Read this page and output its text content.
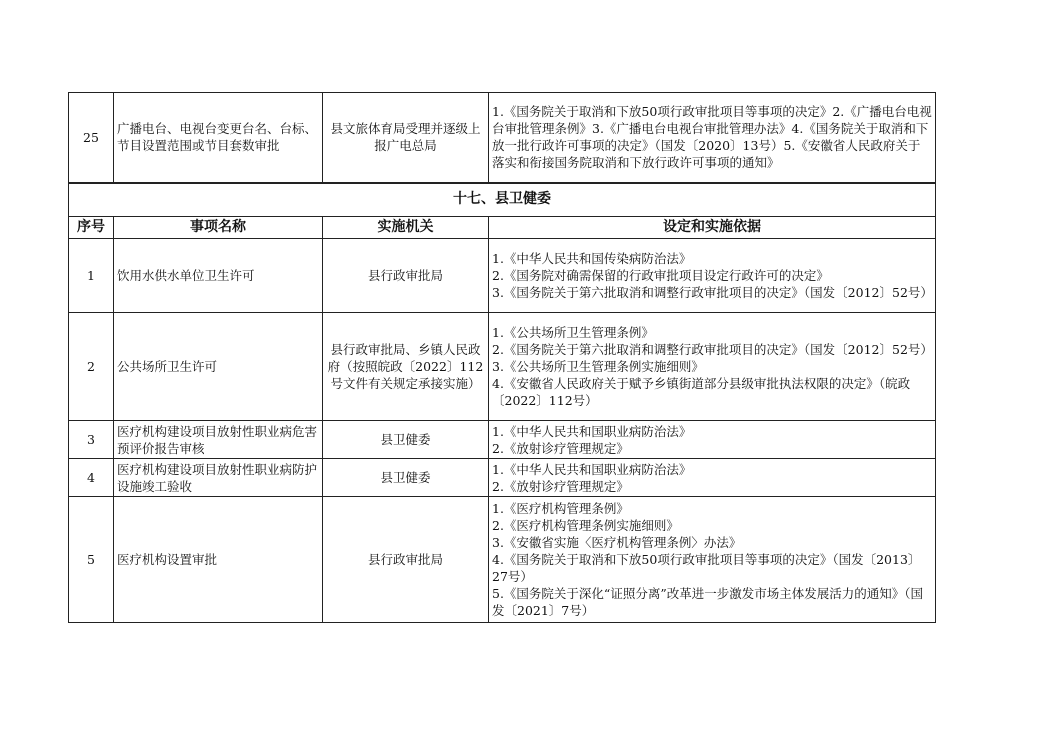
25	广播电台、电视台变更台名、台标、节目设置范围或节目套数审批	县文旅体育局受理并逐级上报广电总局	1.《国务院关于取消和下放50项行政审批项目等事项的决定》2.《广播电台电视台审批管理条例》3.《广播电台电视台审批管理办法》4.《国务院关于取消和下放一批行政许可事项的决定》（国发〔2020〕13号）5.《安徽省人民政府关于落实和衔接国务院取消和下放行政许可事项的通知》
十七、县卫健委			
序号	事项名称	实施机关	设定和实施依据
1	饮用水供水单位卫生许可	县行政审批局	1.《中华人民共和国传染病防治法》
2.《国务院对确需保留的行政审批项目设定行政许可的决定》
3.《国务院关于第六批取消和调整行政审批项目的决定》（国发〔2012〕52号）

2	公共场所卫生许可	县行政审批局、乡镇人民政府（按照皖政〔2022〕112号文件有关规定承接实施）	1.《公共场所卫生管理条例》
2.《国务院关于第六批取消和调整行政审批项目的决定》（国发〔2012〕52号）
3.《公共场所卫生管理条例实施细则》
4.《安徽省人民政府关于赋予乡镇街道部分县级审批执法权限的决定》（皖政〔2022〕112号）

3	医疗机构建设项目放射性职业病危害预评价报告审核	县卫健委	1.《中华人民共和国职业病防治法》
2.《放射诊疗管理规定》

4	医疗机构建设项目放射性职业病防护设施竣工验收	县卫健委	1.《中华人民共和国职业病防治法》
2.《放射诊疗管理规定》

5	医疗机构设置审批	县行政审批局	1.《医疗机构管理条例》
2.《医疗机构管理条例实施细则》
3.《安徽省实施〈医疗机构管理条例〉办法》
4.《国务院关于取消和下放50项行政审批项目等事项的决定》（国发〔2013〕27号）
5.《国务院关于深化“证照分离”改革进一步激发市场主体发展活力的通知》（国发〔2021〕7号）
